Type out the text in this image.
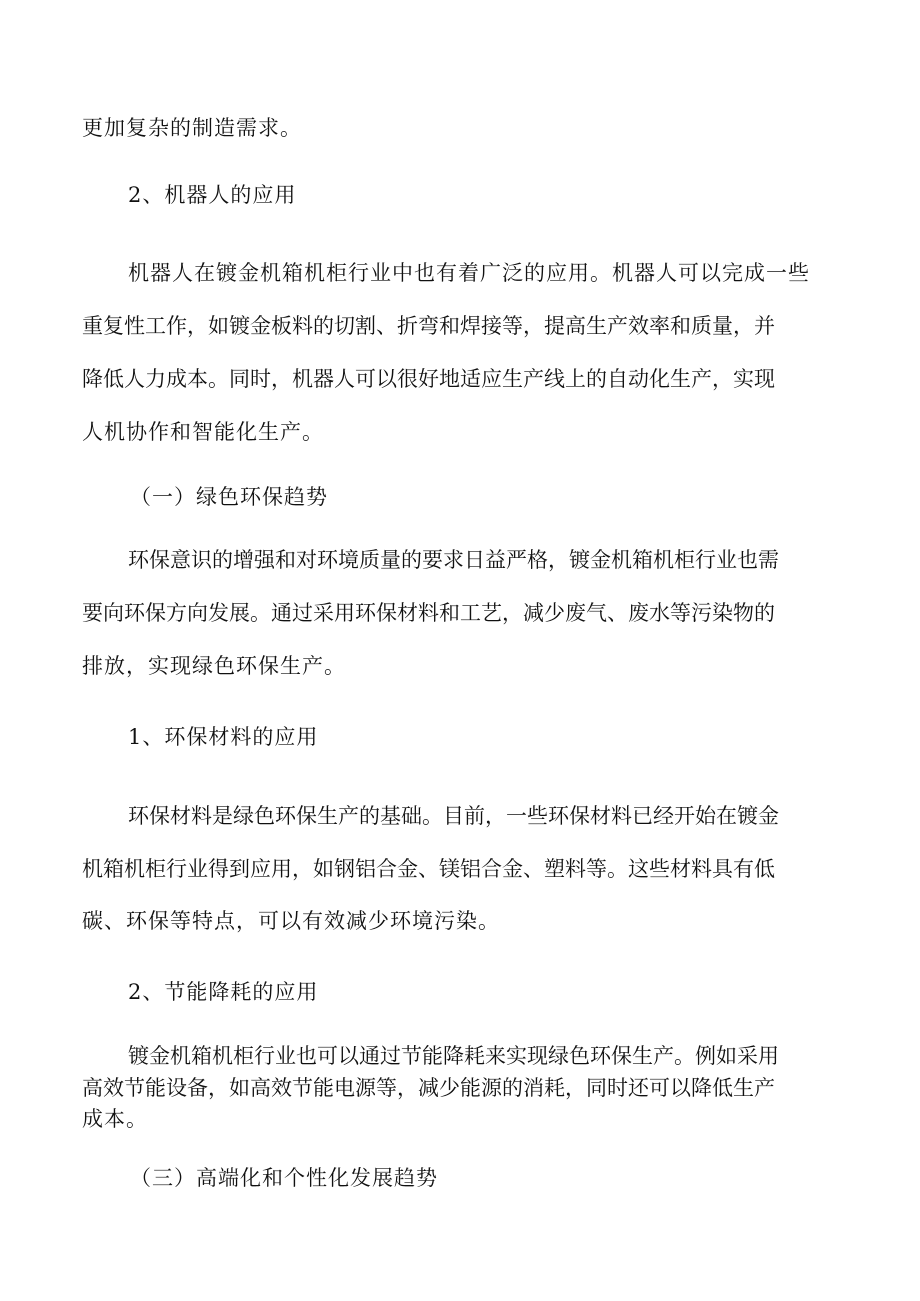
更加复杂的制造需求。
2、机器人的应用
机器人在镀金机箱机柜行业中也有着广泛的应用。机器人可以完成一些
重复性工作，如镀金板料的切割、折弯和焊接等，提高生产效率和质量，并
降低人力成本。同时，机器人可以很好地适应生产线上的自动化生产，实现
人机协作和智能化生产。
（一）绿色环保趋势
环保意识的增强和对环境质量的要求日益严格，镀金机箱机柜行业也需
要向环保方向发展。通过采用环保材料和工艺，减少废气、废水等污染物的
排放，实现绿色环保生产。
1、环保材料的应用
环保材料是绿色环保生产的基础。目前，一些环保材料已经开始在镀金
机箱机柜行业得到应用，如钢铝合金、镁铝合金、塑料等。这些材料具有低
碳、环保等特点，可以有效减少环境污染。
2、节能降耗的应用
镀金机箱机柜行业也可以通过节能降耗来实现绿色环保生产。例如采用
高效节能设备，如高效节能电源等，减少能源的消耗，同时还可以降低生产
成本。
（三）高端化和个性化发展趋势
